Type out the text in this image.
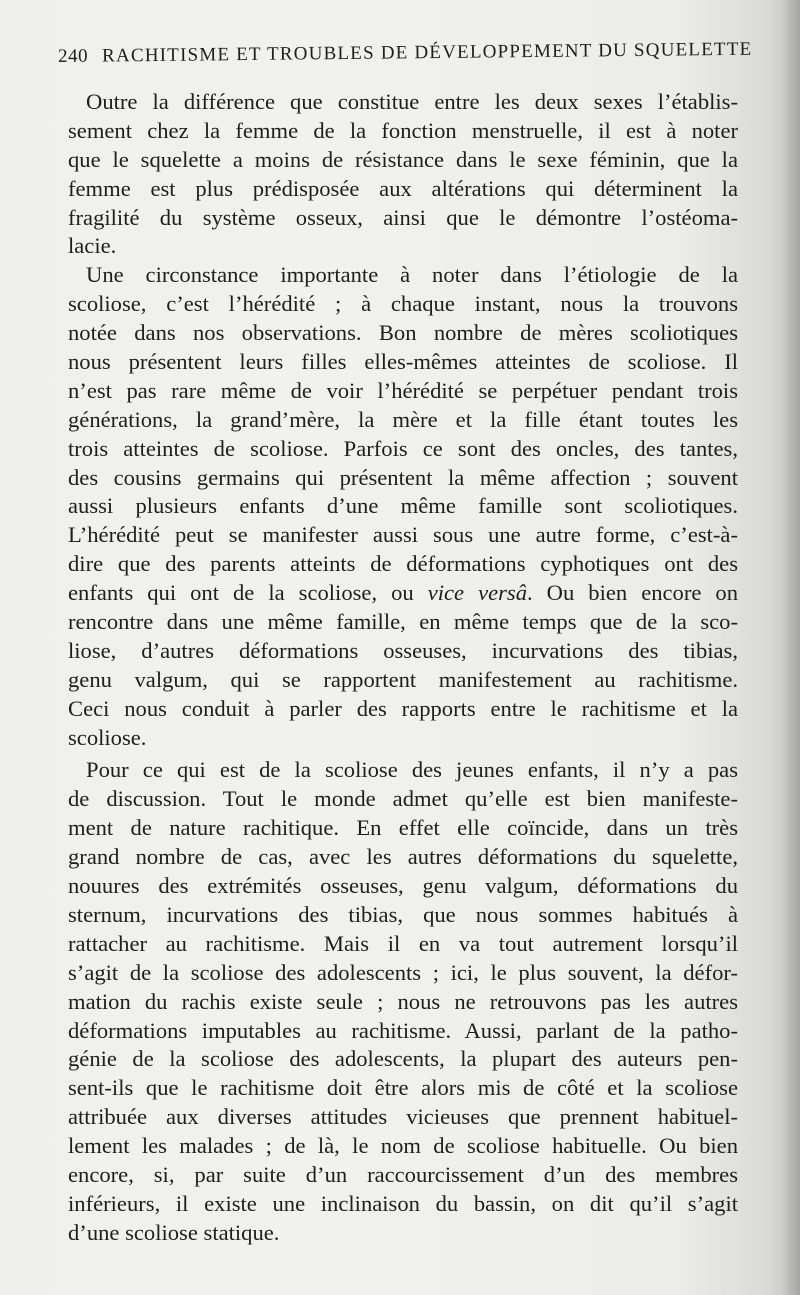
240 RACHITISME ET TROUBLES DE DÉVELOPPEMENT DU SQUELETTE
Outre la différence que constitue entre les deux sexes l’établis-
sement chez la femme de la fonction menstruelle, il est à noter
que le squelette a moins de résistance dans le sexe féminin, que la
femme est plus prédisposée aux altérations qui déterminent la
fragilité du système osseux, ainsi que le démontre l’ostéoma-
lacie.
Une circonstance importante à noter dans l’étiologie de la
scoliose, c’est l’hérédité ; à chaque instant, nous la trouvons
notée dans nos observations. Bon nombre de mères scoliotiques
nous présentent leurs filles elles-mêmes atteintes de scoliose. Il
n’est pas rare même de voir l’hérédité se perpétuer pendant trois
générations, la grand’mère, la mère et la fille étant toutes les
trois atteintes de scoliose. Parfois ce sont des oncles, des tantes,
des cousins germains qui présentent la même affection ; souvent
aussi plusieurs enfants d’une même famille sont scoliotiques.
L’hérédité peut se manifester aussi sous une autre forme, c’est-à-
dire que des parents atteints de déformations cyphotiques ont des
enfants qui ont de la scoliose, ou vice versâ. Ou bien encore on
rencontre dans une même famille, en même temps que de la sco-
liose, d’autres déformations osseuses, incurvations des tibias,
genu valgum, qui se rapportent manifestement au rachitisme.
Ceci nous conduit à parler des rapports entre le rachitisme et la
scoliose.
Pour ce qui est de la scoliose des jeunes enfants, il n’y a pas
de discussion. Tout le monde admet qu’elle est bien manifeste-
ment de nature rachitique. En effet elle coïncide, dans un très
grand nombre de cas, avec les autres déformations du squelette,
nouures des extrémités osseuses, genu valgum, déformations du
sternum, incurvations des tibias, que nous sommes habitués à
rattacher au rachitisme. Mais il en va tout autrement lorsqu’il
s’agit de la scoliose des adolescents ; ici, le plus souvent, la défor-
mation du rachis existe seule ; nous ne retrouvons pas les autres
déformations imputables au rachitisme. Aussi, parlant de la patho-
génie de la scoliose des adolescents, la plupart des auteurs pen-
sent-ils que le rachitisme doit être alors mis de côté et la scoliose
attribuée aux diverses attitudes vicieuses que prennent habituel-
lement les malades ; de là, le nom de scoliose habituelle. Ou bien
encore, si, par suite d’un raccourcissement d’un des membres
inférieurs, il existe une inclinaison du bassin, on dit qu’il s’agit
d’une scoliose statique.
